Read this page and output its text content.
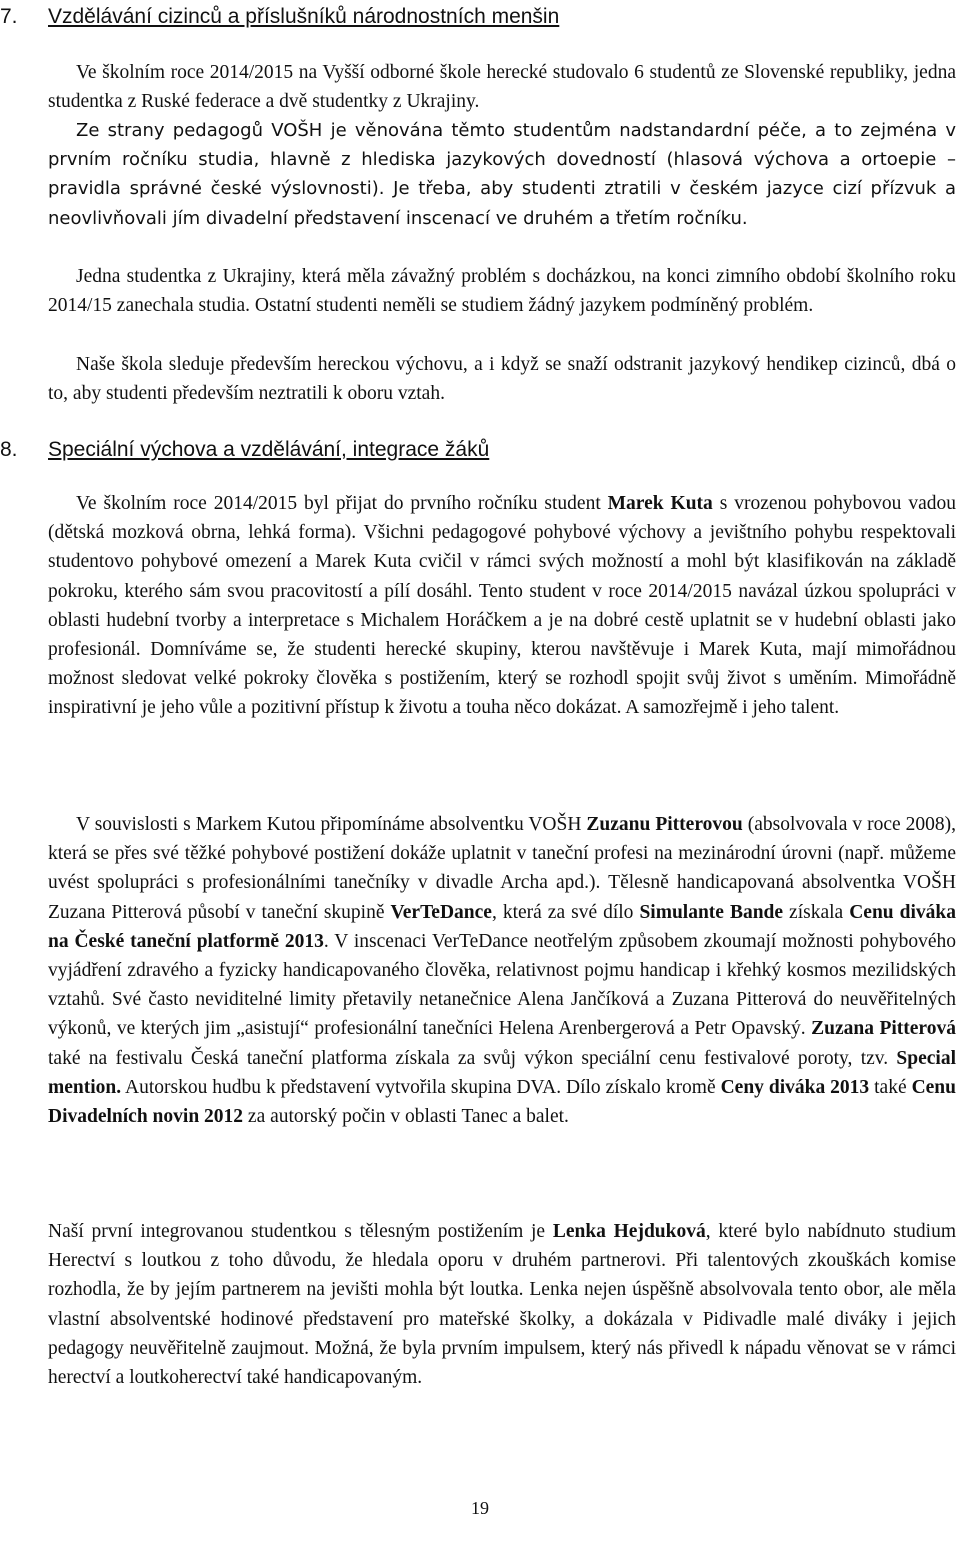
7. Vzdělávání cizinců a příslušníků národnostních menšin

Ve školním roce 2014/2015 na Vyšší odborné škole herecké studovalo 6 studentů ze Slovenské republiky, jedna studentka z Ruské federace a dvě studentky z Ukrajiny.

Ze strany pedagogů VOŠH je věnována těmto studentům nadstandardní péče, a to zejména v prvním ročníku studia, hlavně z hlediska jazykových dovedností (hlasová výchova a ortoepie – pravidla správné české výslovnosti). Je třeba, aby studenti ztratili v českém jazyce cizí přízvuk a neovlivňovali jím divadelní představení inscenací ve druhém a třetím ročníku.

Jedna studentka z Ukrajiny, která měla závažný problém s docházkou, na konci zimního období školního roku 2014/15 zanechala studia. Ostatní studenti neměli se studiem žádný jazykem podmíněný problém.

Naše škola sleduje především hereckou výchovu, a i když se snaží odstranit jazykový hendikep cizinců, dbá o to, aby studenti především neztratili k oboru vztah.

8. Speciální výchova a vzdělávání, integrace žáků

Ve školním roce 2014/2015 byl přijat do prvního ročníku student Marek Kuta s vrozenou pohybovou vadou (dětská mozková obrna, lehká forma). Všichni pedagogové pohybové výchovy a jevištního pohybu respektovali studentovo pohybové omezení a Marek Kuta cvičil v rámci svých možností a mohl být klasifikován na základě pokroku, kterého sám svou pracovitostí a pílí dosáhl. Tento student v roce 2014/2015 navázal úzkou spolupráci v oblasti hudební tvorby a interpretace s Michalem Horáčkem a je na dobré cestě uplatnit se v hudební oblasti jako profesionál. Domníváme se, že studenti herecké skupiny, kterou navštěvuje i Marek Kuta, mají mimořádnou možnost sledovat velké pokroky člověka s postižením, který se rozhodl spojit svůj život s uměním. Mimořádně inspirativní je jeho vůle a pozitivní přístup k životu a touha něco dokázat. A samozřejmě i jeho talent.

V souvislosti s Markem Kutou připomínáme absolventku VOŠH Zuzanu Pitterovou (absolvovala v roce 2008), která se přes své těžké pohybové postižení dokáže uplatnit v taneční profesi na mezinárodní úrovni (např. můžeme uvést spolupráci s profesionálními tanečníky v divadle Archa apd.). Tělesně handicapovaná absolventka VOŠH Zuzana Pitterová působí v taneční skupině VerTeDance, která za své dílo Simulante Bande získala Cenu diváka na České taneční platformě 2013. V inscenaci VerTeDance neotřelým způsobem zkoumají možnosti pohybového vyjádření zdravého a fyzicky handicapovaného člověka, relativnost pojmu handicap i křehký kosmos mezilidských vztahů. Své často neviditelné limity přetavily netanečnice Alena Jančíková a Zuzana Pitterová do neuvěřitelných výkonů, ve kterých jim „asistují“ profesionální tanečníci Helena Arenbergerová a Petr Opavský. Zuzana Pitterová také na festivalu Česká taneční platforma získala za svůj výkon speciální cenu festivalové poroty, tzv. Special mention. Autorskou hudbu k představení vytvořila skupina DVA. Dílo získalo kromě Ceny diváka 2013 také Cenu Divadelních novin 2012 za autorský počin v oblasti Tanec a balet.

Naší první integrovanou studentkou s tělesným postižením je Lenka Hejduková, které bylo nabídnuto studium Herectví s loutkou z toho důvodu, že hledala oporu v druhém partnerovi. Při talentových zkouškách komise rozhodla, že by jejím partnerem na jevišti mohla být loutka. Lenka nejen úspěšně absolvovala tento obor, ale měla vlastní absolventské hodinové představení pro mateřské školky, a dokázala v Pidivadle malé diváky i jejich pedagogy neuvěřitelně zaujmout. Možná, že byla prvním impulsem, který nás přivedl k nápadu věnovat se v rámci herectví a loutkoherectví také handicapovaným.

19
